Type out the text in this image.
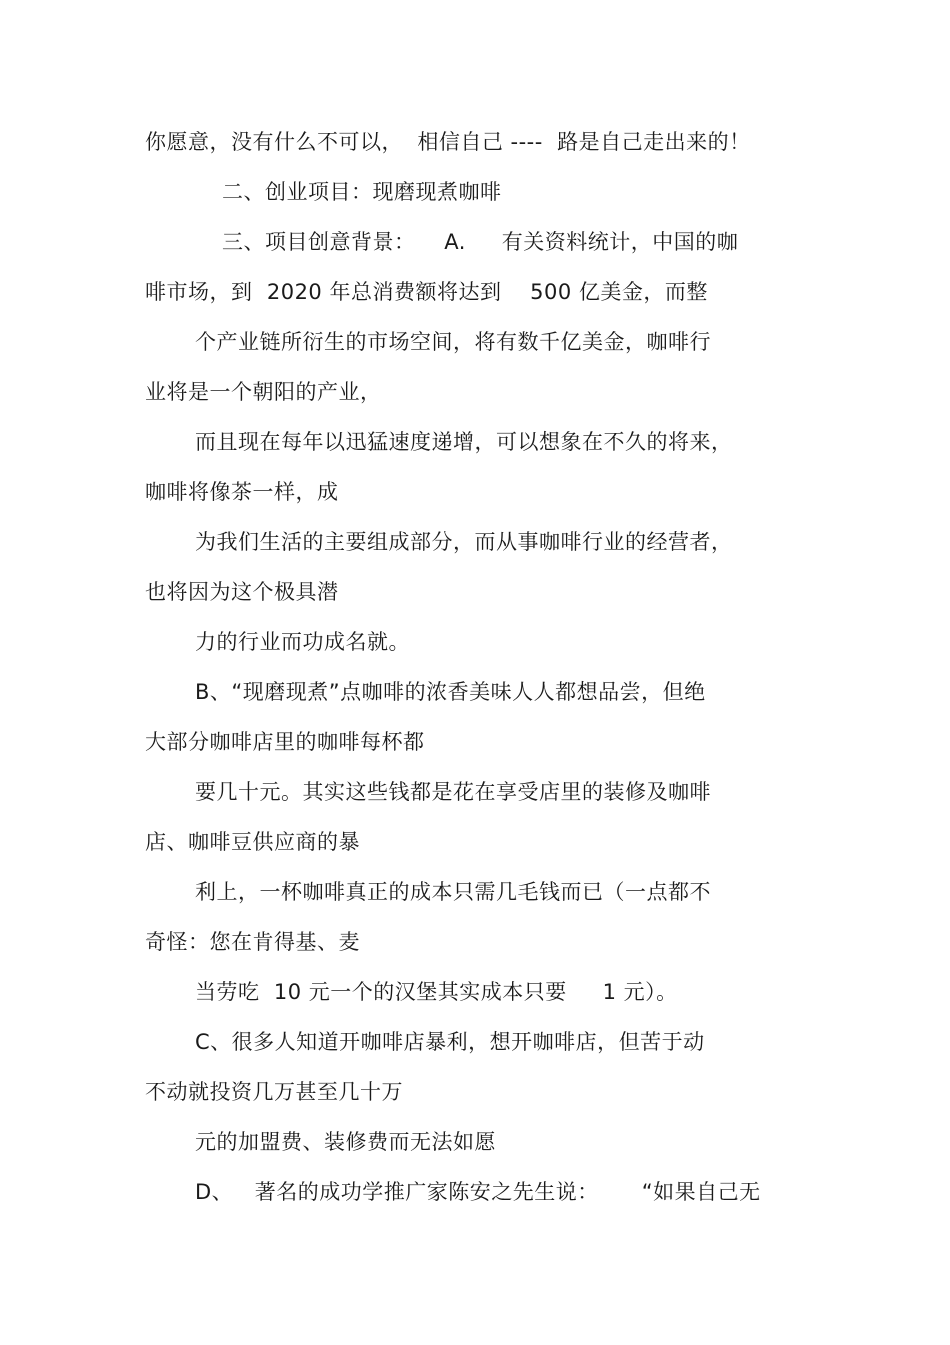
你愿意，没有什么不可以，  相信自己 ----  路是自己走出来的！
二、创业项目：现磨现煮咖啡
三、项目创意背景：    A.     有关资料统计，中国的咖
啡市场，到  2020 年总消费额将达到    500 亿美金，而整
个产业链所衍生的市场空间，将有数千亿美金，咖啡行
业将是一个朝阳的产业，
而且现在每年以迅猛速度递增，可以想象在不久的将来，
咖啡将像茶一样，成
为我们生活的主要组成部分，而从事咖啡行业的经营者，
也将因为这个极具潜
力的行业而功成名就。
B、“现磨现煮”点咖啡的浓香美味人人都想品尝，但绝
大部分咖啡店里的咖啡每杯都
要几十元。其实这些钱都是花在享受店里的装修及咖啡
店、咖啡豆供应商的暴
利上，一杯咖啡真正的成本只需几毛钱而已（一点都不
奇怪：您在肯得基、麦
当劳吃  10 元一个的汉堡其实成本只要     1 元）。
C、很多人知道开咖啡店暴利，想开咖啡店，但苦于动
不动就投资几万甚至几十万
元的加盟费、装修费而无法如愿
D、   著名的成功学推广家陈安之先生说：      “如果自己无
